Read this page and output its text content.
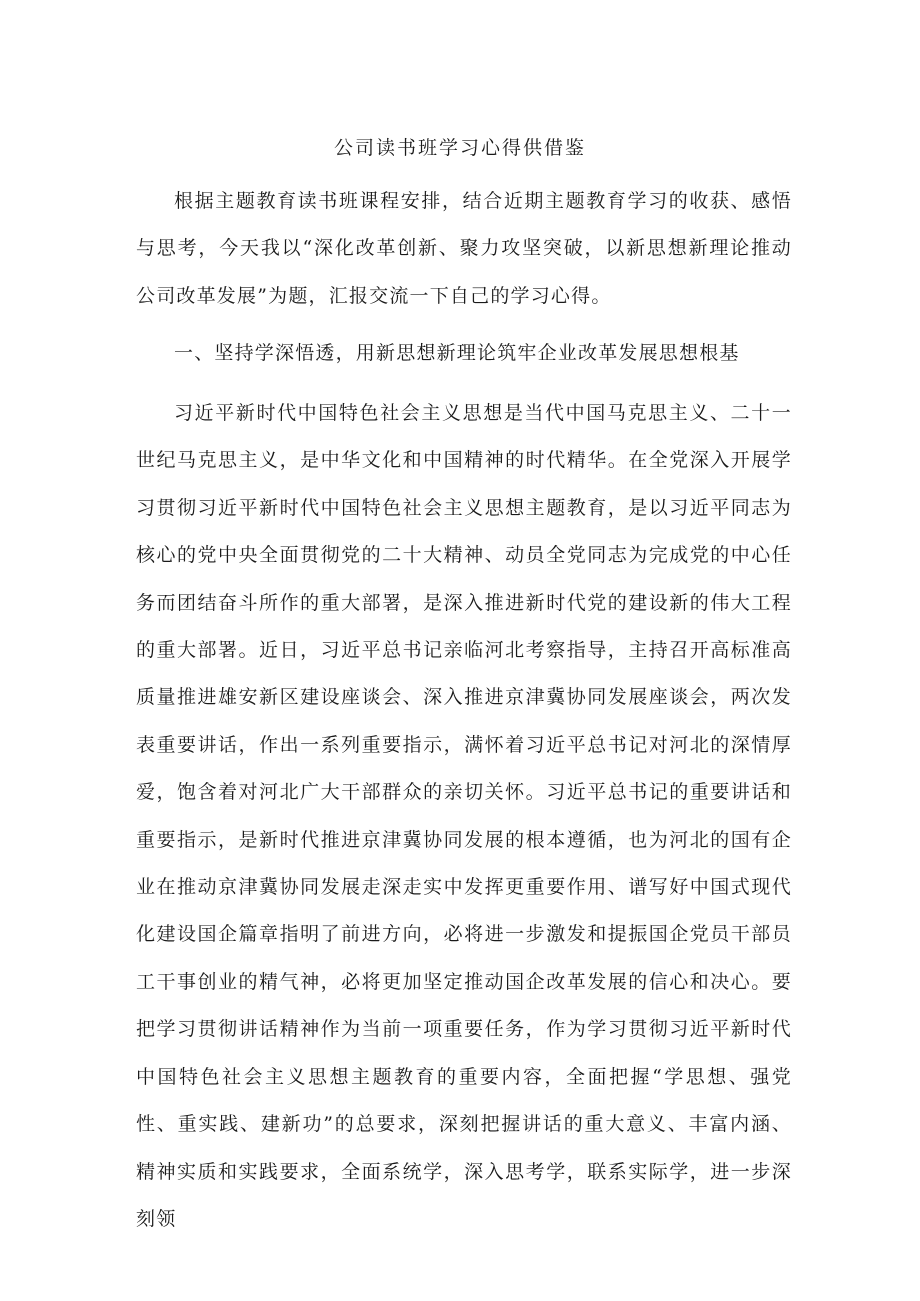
公司读书班学习心得供借鉴

根据主题教育读书班课程安排，结合近期主题教育学习的收获、感悟与思考，今天我以“深化改革创新、聚力攻坚突破，以新思想新理论推动公司改革发展”为题，汇报交流一下自己的学习心得。

一、坚持学深悟透，用新思想新理论筑牢企业改革发展思想根基

习近平新时代中国特色社会主义思想是当代中国马克思主义、二十一世纪马克思主义，是中华文化和中国精神的时代精华。在全党深入开展学习贯彻习近平新时代中国特色社会主义思想主题教育，是以习近平同志为核心的党中央全面贯彻党的二十大精神、动员全党同志为完成党的中心任务而团结奋斗所作的重大部署，是深入推进新时代党的建设新的伟大工程的重大部署。近日，习近平总书记亲临河北考察指导，主持召开高标准高质量推进雄安新区建设座谈会、深入推进京津冀协同发展座谈会，两次发表重要讲话，作出一系列重要指示，满怀着习近平总书记对河北的深情厚爱，饱含着对河北广大干部群众的亲切关怀。习近平总书记的重要讲话和重要指示，是新时代推进京津冀协同发展的根本遵循，也为河北的国有企业在推动京津冀协同发展走深走实中发挥更重要作用、谱写好中国式现代化建设国企篇章指明了前进方向，必将进一步激发和提振国企党员干部员工干事创业的精气神，必将更加坚定推动国企改革发展的信心和决心。要把学习贯彻讲话精神作为当前一项重要任务，作为学习贯彻习近平新时代中国特色社会主义思想主题教育的重要内容，全面把握“学思想、强党性、重实践、建新功”的总要求，深刻把握讲话的重大意义、丰富内涵、精神实质和实践要求，全面系统学，深入思考学，联系实际学，进一步深刻领
